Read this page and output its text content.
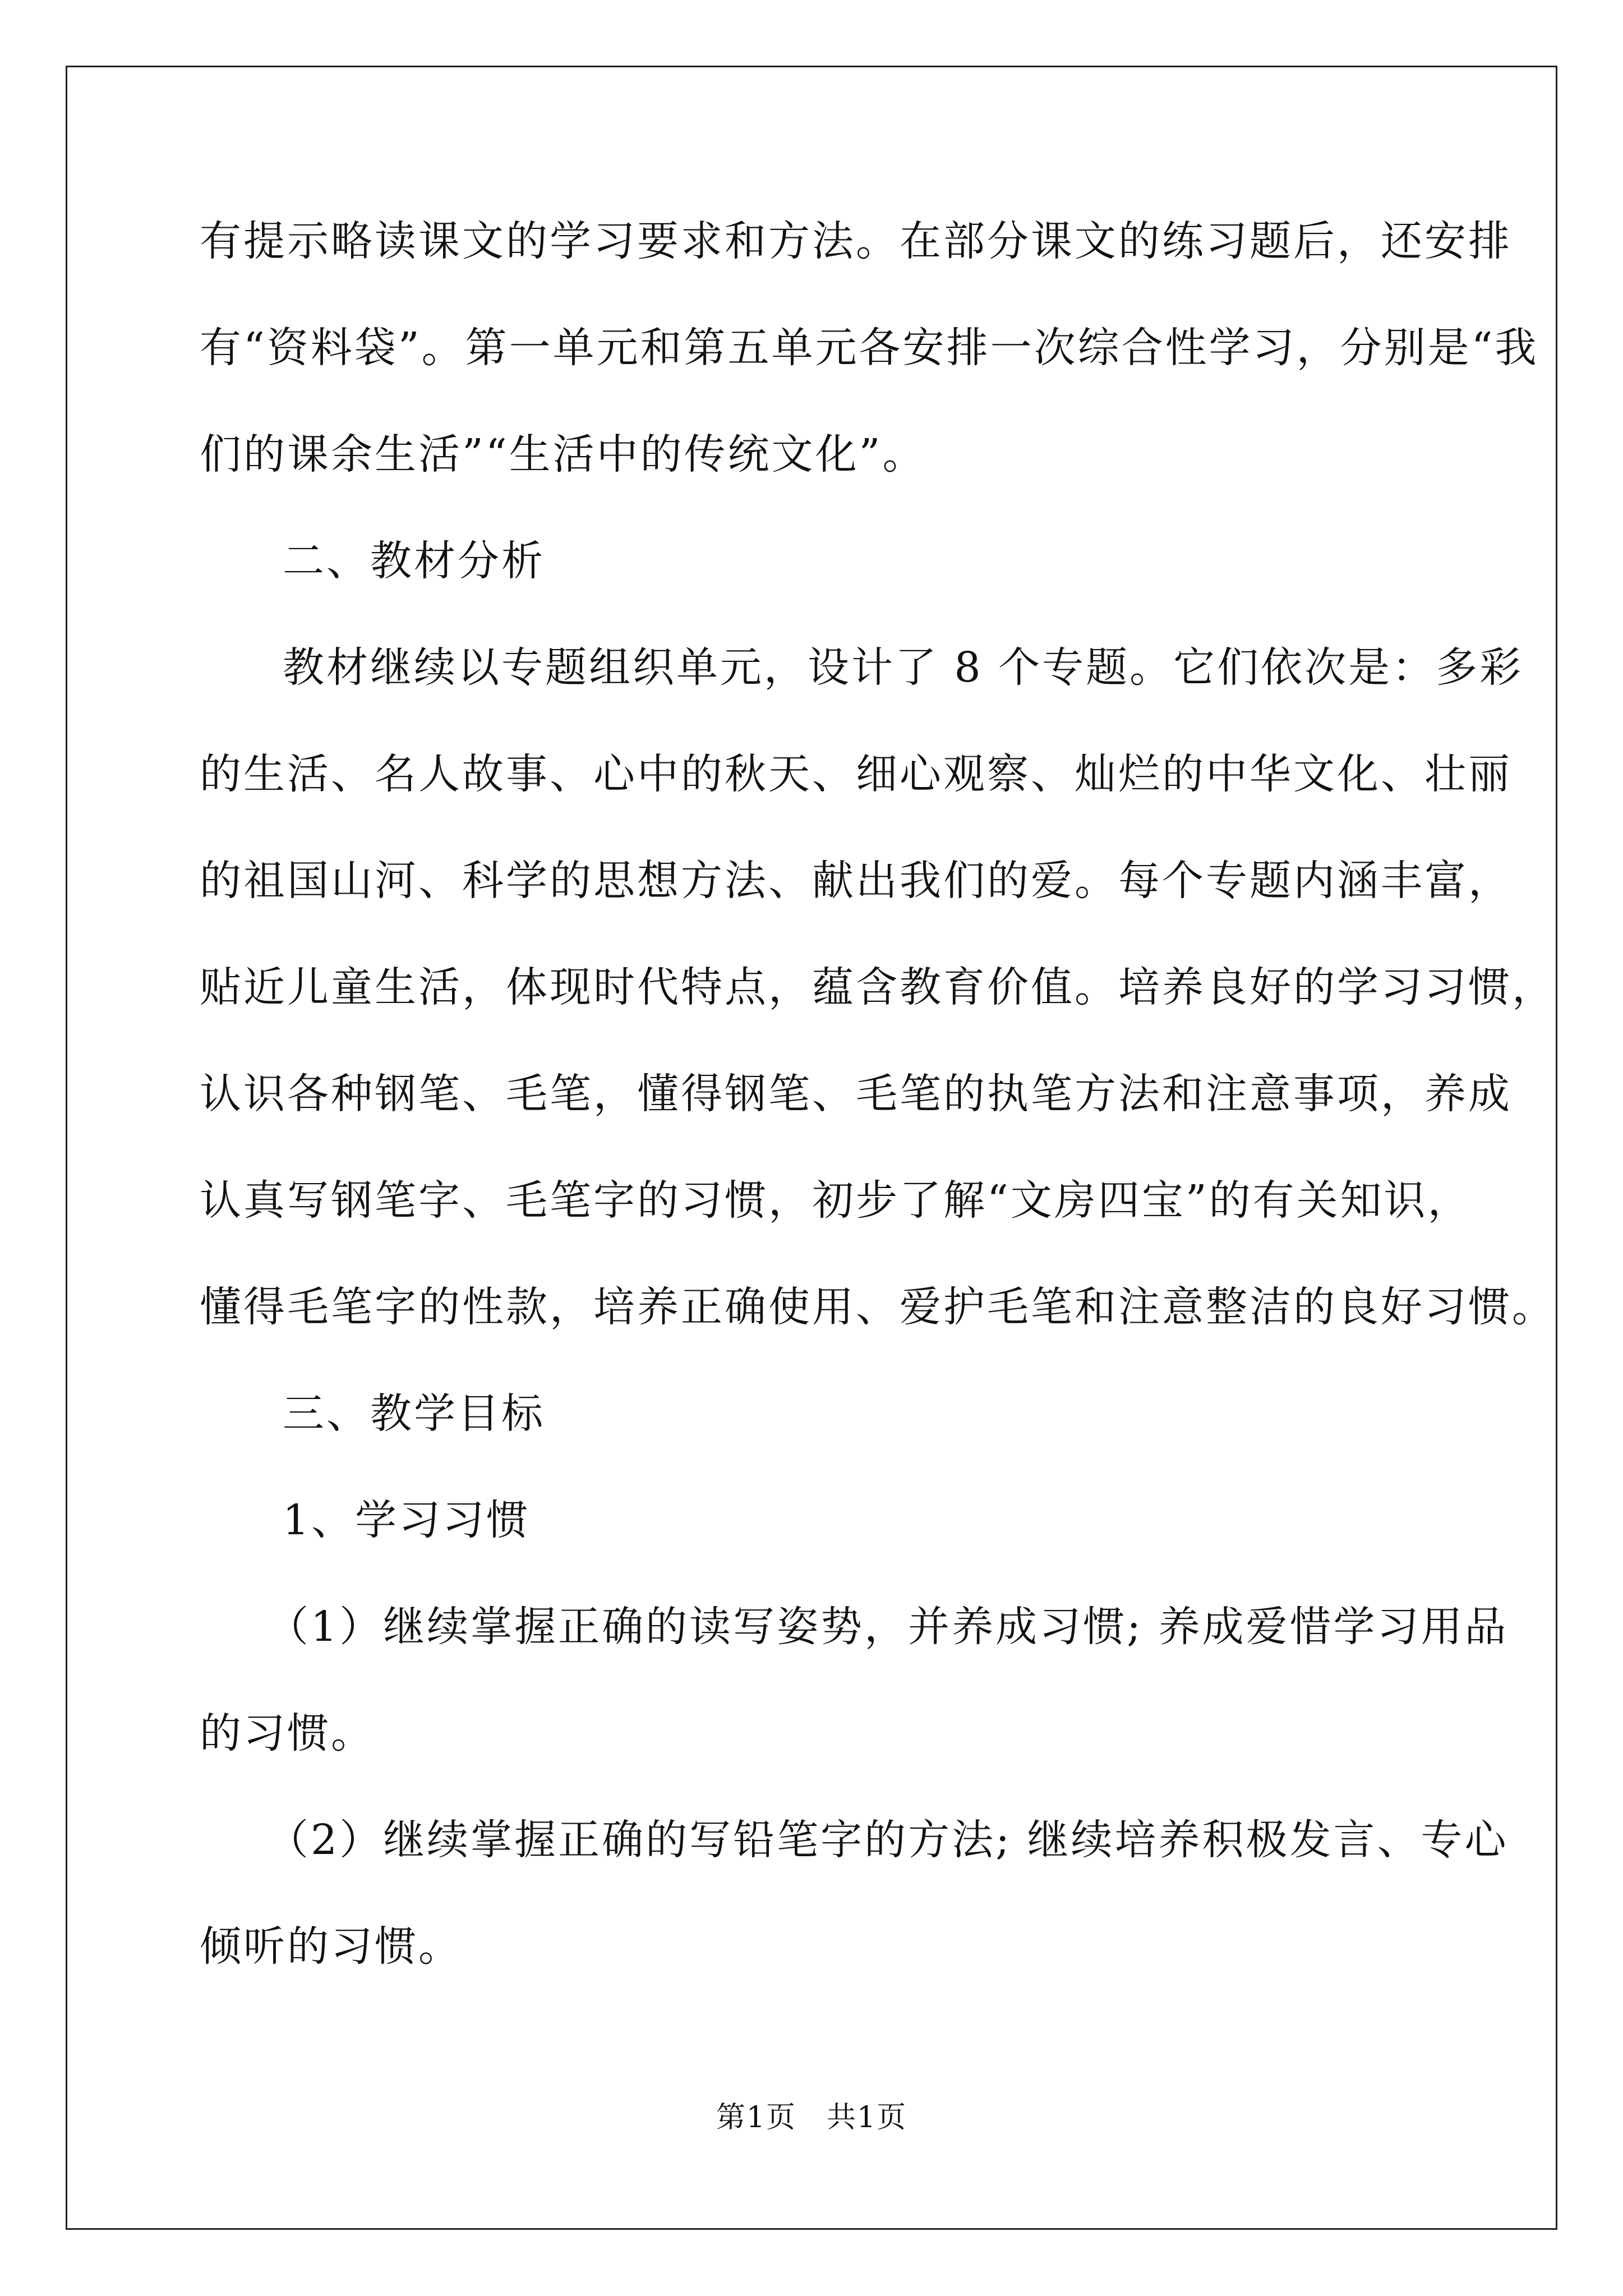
有提示略读课文的学习要求和方法。在部分课文的练习题后，还安排

有“资料袋”。第一单元和第五单元各安排一次综合性学习，分别是“我

们的课余生活”“生活中的传统文化”。

二、教材分析

教材继续以专题组织单元，设计了 8 个专题。它们依次是：多彩

的生活、名人故事、心中的秋天、细心观察、灿烂的中华文化、壮丽

的祖国山河、科学的思想方法、献出我们的爱。每个专题内涵丰富，

贴近儿童生活，体现时代特点，蕴含教育价值。培养良好的学习习惯，

认识各种钢笔、毛笔，懂得钢笔、毛笔的执笔方法和注意事项，养成

认真写钢笔字、毛笔字的习惯，初步了解“文房四宝”的有关知识，

懂得毛笔字的性款，培养正确使用、爱护毛笔和注意整洁的良好习惯。

三、教学目标

1、学习习惯

（1）继续掌握正确的读写姿势，并养成习惯; 养成爱惜学习用品

的习惯。

（2）继续掌握正确的写铅笔字的方法; 继续培养积极发言、专心

倾听的习惯。

第1页　共1页
